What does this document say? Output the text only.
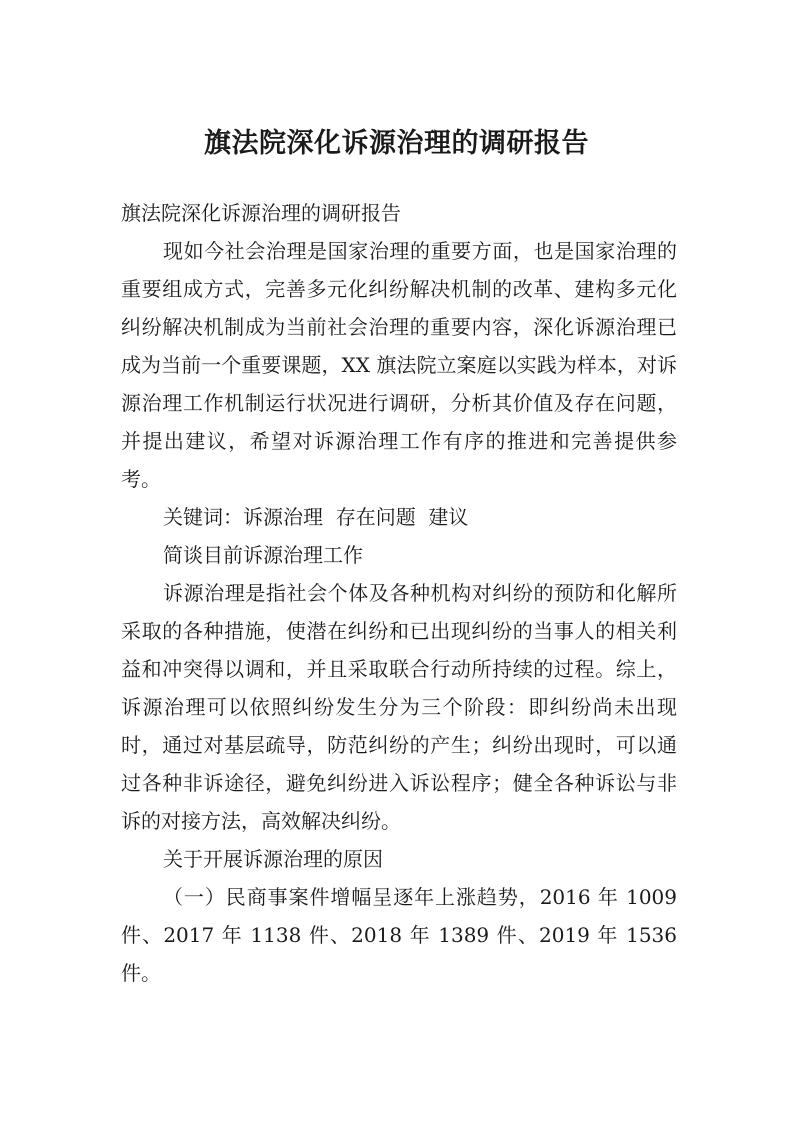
旗法院深化诉源治理的调研报告

旗法院深化诉源治理的调研报告

现如今社会治理是国家治理的重要方面，也是国家治理的重要组成方式，完善多元化纠纷解决机制的改革、建构多元化纠纷解决机制成为当前社会治理的重要内容，深化诉源治理已成为当前一个重要课题，XX 旗法院立案庭以实践为样本，对诉源治理工作机制运行状况进行调研，分析其价值及存在问题，并提出建议，希望对诉源治理工作有序的推进和完善提供参考。

关键词：诉源治理  存在问题  建议

简谈目前诉源治理工作

诉源治理是指社会个体及各种机构对纠纷的预防和化解所采取的各种措施，使潜在纠纷和已出现纠纷的当事人的相关利益和冲突得以调和，并且采取联合行动所持续的过程。综上，诉源治理可以依照纠纷发生分为三个阶段：即纠纷尚未出现时，通过对基层疏导，防范纠纷的产生；纠纷出现时，可以通过各种非诉途径，避免纠纷进入诉讼程序；健全各种诉讼与非诉的对接方法，高效解决纠纷。

关于开展诉源治理的原因

（一）民商事案件增幅呈逐年上涨趋势，2016 年 1009 件、2017 年 1138 件、2018 年 1389 件、2019 年 1536 件。
